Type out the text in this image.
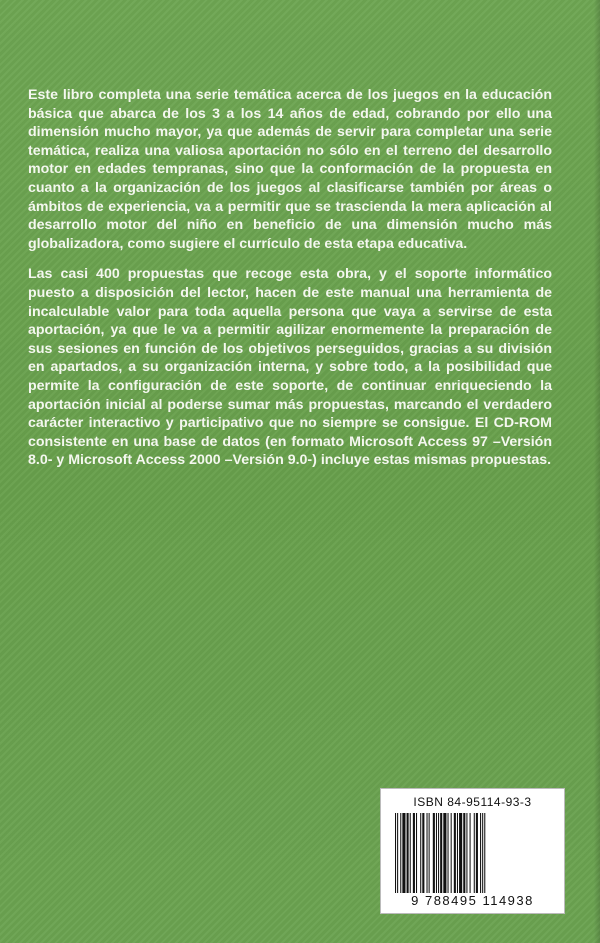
Este libro completa una serie temática acerca de los juegos en la educación básica que abarca de los 3 a los 14 años de edad, cobrando por ello una dimensión mucho mayor, ya que además de servir para completar una serie temática, realiza una valiosa aportación no sólo en el terreno del desarrollo motor en edades tempranas, sino que la conformación de la propuesta en cuanto a la organización de los juegos al clasificarse también por áreas o ámbitos de experiencia, va a permitir que se trascienda la mera aplicación al desarrollo motor del niño en beneficio de una dimensión mucho más globalizadora, como sugiere el currículo de esta etapa educativa.

Las casi 400 propuestas que recoge esta obra, y el soporte informático puesto a disposición del lector, hacen de este manual una herramienta de incalculable valor para toda aquella persona que vaya a servirse de esta aportación, ya que le va a permitir agilizar enormemente la preparación de sus sesiones en función de los objetivos perseguidos, gracias a su división en apartados, a su organización interna, y sobre todo, a la posibilidad que permite la configuración de este soporte, de continuar enriqueciendo la aportación inicial al poderse sumar más propuestas, marcando el verdadero carácter interactivo y participativo que no siempre se consigue. El CD-ROM consistente en una base de datos (en formato Microsoft Access 97 –Versión 8.0- y Microsoft Access 2000 –Versión 9.0-) incluye estas mismas propuestas.

ISBN 84-95114-93-3
9 788495 114938
